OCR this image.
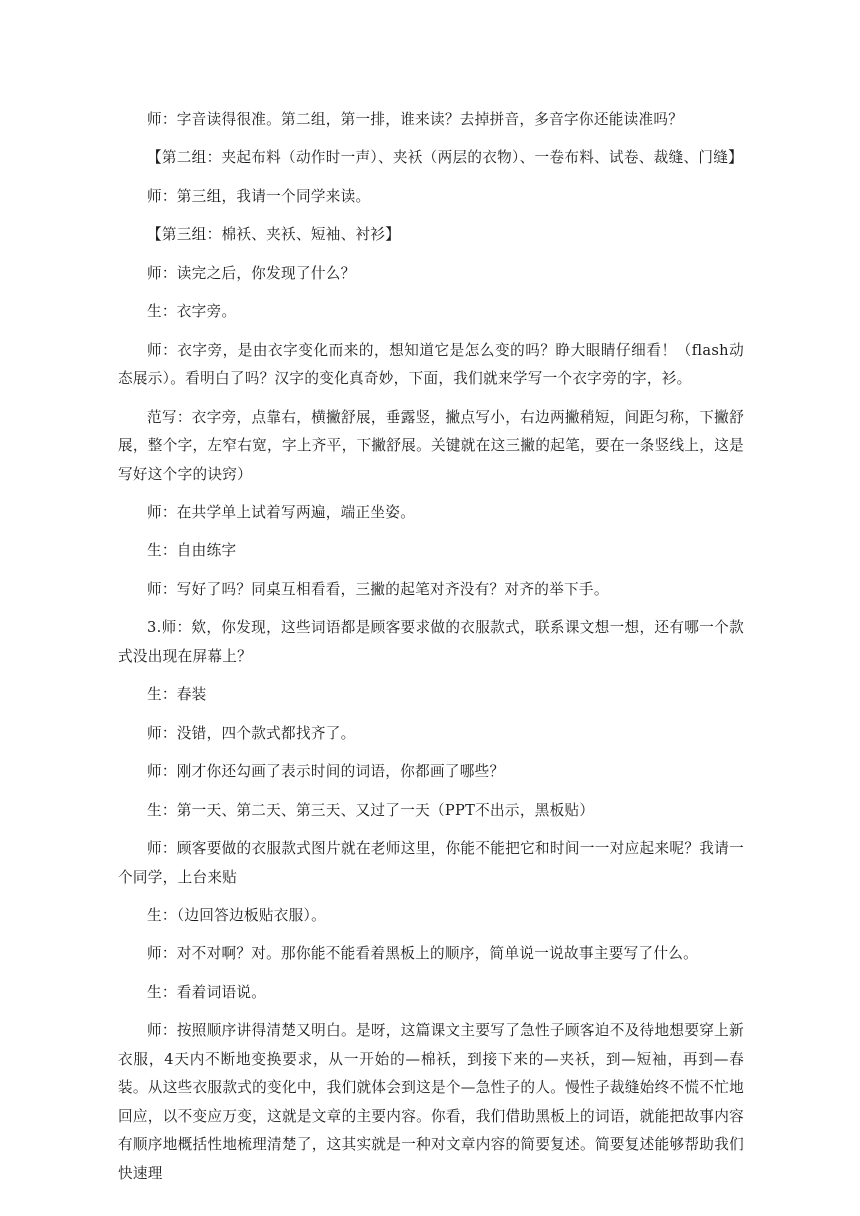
师：字音读得很准。第二组，第一排，谁来读？去掉拼音，多音字你还能读准吗？

【第二组：夹起布料（动作时一声）、夹袄（两层的衣物）、一卷布料、试卷、裁缝、门缝】

师：第三组，我请一个同学来读。

【第三组：棉袄、夹袄、短袖、衬衫】

师：读完之后，你发现了什么？

生：衣字旁。

师：衣字旁，是由衣字变化而来的，想知道它是怎么变的吗？睁大眼睛仔细看！（flash动态展示）。看明白了吗？汉字的变化真奇妙，下面，我们就来学写一个衣字旁的字，衫。

范写：衣字旁，点靠右，横撇舒展，垂露竖，撇点写小，右边两撇稍短，间距匀称，下撇舒展，整个字，左窄右宽，字上齐平，下撇舒展。关键就在这三撇的起笔，要在一条竖线上，这是写好这个字的诀窍）

师：在共学单上试着写两遍，端正坐姿。

生：自由练字

师：写好了吗？同桌互相看看，三撇的起笔对齐没有？对齐的举下手。

3.师：欸，你发现，这些词语都是顾客要求做的衣服款式，联系课文想一想，还有哪一个款式没出现在屏幕上？

生：春装

师：没错，四个款式都找齐了。

师：刚才你还勾画了表示时间的词语，你都画了哪些？

生：第一天、第二天、第三天、又过了一天（PPT不出示，黑板贴）

师：顾客要做的衣服款式图片就在老师这里，你能不能把它和时间一一对应起来呢？我请一个同学，上台来贴

生：（边回答边板贴衣服）。

师：对不对啊？对。那你能不能看着黑板上的顺序，简单说一说故事主要写了什么。

生：看着词语说。

师：按照顺序讲得清楚又明白。是呀，这篇课文主要写了急性子顾客迫不及待地想要穿上新衣服，4天内不断地变换要求，从一开始的—棉袄，到接下来的—夹袄，到—短袖，再到—春装。从这些衣服款式的变化中，我们就体会到这是个—急性子的人。慢性子裁缝始终不慌不忙地回应，以不变应万变，这就是文章的主要内容。你看，我们借助黑板上的词语，就能把故事内容有顺序地概括性地梳理清楚了，这其实就是一种对文章内容的简要复述。简要复述能够帮助我们快速理
